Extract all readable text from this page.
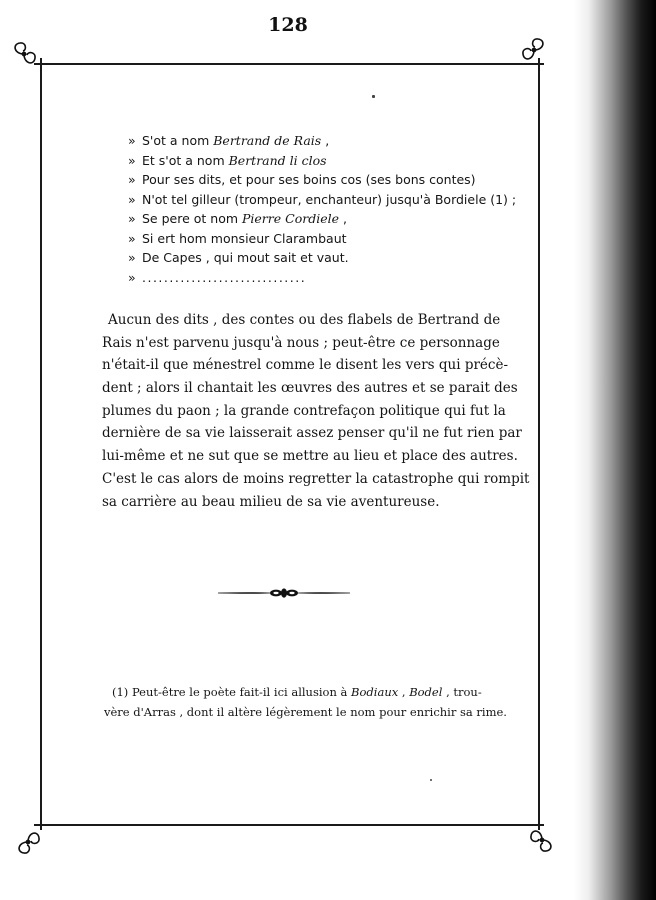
128
» S'ot a nom Bertrand de Rais ,
» Et s'ot a nom Bertrand li clos
» Pour ses dits, et pour ses boins cos (ses bons contes)
» N'ot tel gilleur (trompeur, enchanteur) jusqu'à Bordiele (1) ;
» Se pere ot nom Pierre Cordiele ,
» Si ert hom monsieur Clarambaut
» De Capes , qui mout sait et vaut.
» ..............................
Aucun des dits , des contes ou des flabels de Bertrand de
Rais n'est parvenu jusqu'à nous ; peut-être ce personnage
n'était-il que ménestrel comme le disent les vers qui précè-
dent ; alors il chantait les œuvres des autres et se parait des
plumes du paon ; la grande contrefaçon politique qui fut la
dernière de sa vie laisserait assez penser qu'il ne fut rien par
lui-même et ne sut que se mettre au lieu et place des autres.
C'est le cas alors de moins regretter la catastrophe qui rompit
sa carrière au beau milieu de sa vie aventureuse.
(1) Peut-être le poète fait-il ici allusion à Bodiaux , Bodel , trou-
vère d'Arras , dont il altère légèrement le nom pour enrichir sa rime.
